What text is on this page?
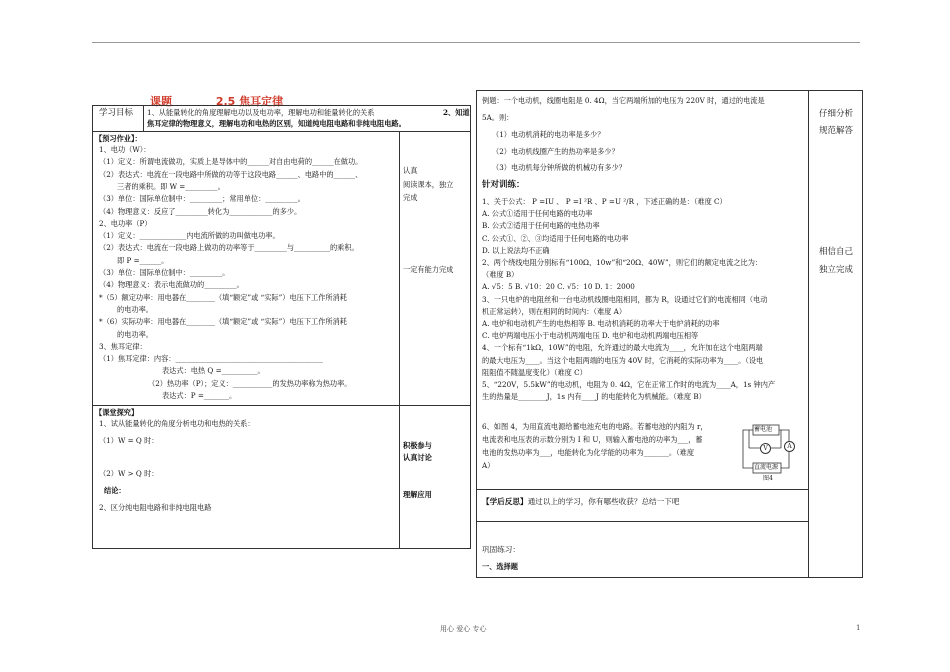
课题	2.5 焦耳定律
学习目标 1、从能量转化的角度理解电功以及电功率，理解电功和能量转化的关系	2、知道
焦耳定律的物理意义，理解电功和电热的区别，知道纯电阻电路和非纯电阻电路。
【预习作业】：
1、电功（W）：
（1）定义：所谓电流做功，实质上是导体中的______对自由电荷的______在做功。
（2）表达式：电流在一段电路中所做的功等于这段电路______、电路中的______、
三者的乘积。即 W =_________。
（3）单位：国际单位制中：_________；常用单位：_________。
（4）物理意义：反应了_________转化为____________的多少。
2、电功率（P）
（1）定义：_____________内电流所做的功叫做电功率。
（2）表达式：电流在一段电路上做功的功率等于_________与__________的乘积。
即 P =______。
（3）单位：国际单位制中：_________。
（4）物理意义：表示电流做功的_________。
*（5）额定功率：用电器在________（填“额定”或 “实际”）电压下工作所消耗
的电功率。
*（6）实际功率：用电器在________（填“额定”或 “实际”）电压下工作所消耗
的电功率。
3、焦耳定律：
（1）焦耳定律：内容：_________________________________________
表达式：电热 Q =__________。
（2）热功率（P）；定义：___________的发热功率称为热功率。
表达式：P =_______。
认真
阅读课本，独立
完成
一定有能力完成
【课堂探究】
1、试从能量转化的角度分析电功和电热的关系：
（1）W = Q 时：
（2）W > Q 时：
结论：
2、区分纯电阻电路和非纯电阻电路
积极参与
认真讨论
理解应用
例题：一个电动机，线圈电阻是 0. 4Ω，当它两端所加的电压为 220V 时，通过的电流是
5A。则：
（1）电动机消耗的电功率是多少？
（2）电动机线圈产生的热功率是多少？
（3）电动机每分钟所做的机械功有多少？
针对训练：
1、关于公式： P =IU 、 P =I ²R 、P =U ²/R ，下述正确的是：（难度 C）
A. 公式①适用于任何电路的电功率
B. 公式②适用于任何电路的电热功率
C. 公式①、②、③均适用于任何电路的电功率
D. 以上说法均不正确
2、两个绕线电阻分别标有“100Ω、10w”和“20Ω、40W”，则它们的额定电流之比为：
（难度 B）
A. √5：5 B. √10：20 C. √5：10 D. 1：2000
3、一只电炉的电阻丝和一台电动机线圈电阻相同，都为 R，设通过它们的电流相同（电动
机正常运转），则在相同的时间内：（难度 A）
A. 电炉和电动机产生的电热相等 B. 电动机消耗的功率大于电炉消耗的功率
C. 电炉两端电压小于电动机两端电压 D. 电炉和电动机两端电压相等
4、一个标有“1kΩ，10W”的电阻，允许通过的最大电流为____，允许加在这个电阻两端
的最大电压为____。当这个电阻两端的电压为 40V 时，它消耗的实际功率为____。（设电
阻阻值不随温度变化）（难度 C）
5、“220V，5.5kW”的电动机，电阻为 0. 4Ω，它在正常工作时的电流为____A，1s 钟内产
生的热量是________J，1s 内有____J 的电能转化为机械能。（难度 B）
6、如图 4，为用直流电源给蓄电池充电的电路。若蓄电池的内阻为 r，
电流表和电压表的示数分别为 I 和 U，则输入蓄电池的功率为___，蓄
电池的发热功率为___，电能转化为化学能的功率为_______。（难度
A）
蓄电池
直流电源
A
V
图4
【学后反思】通过以上的学习，你有哪些收获？总结一下吧
巩固练习：
一、选择题
仔细分析
规范解答
相信自己
独立完成
用心 爱心 专心	1
